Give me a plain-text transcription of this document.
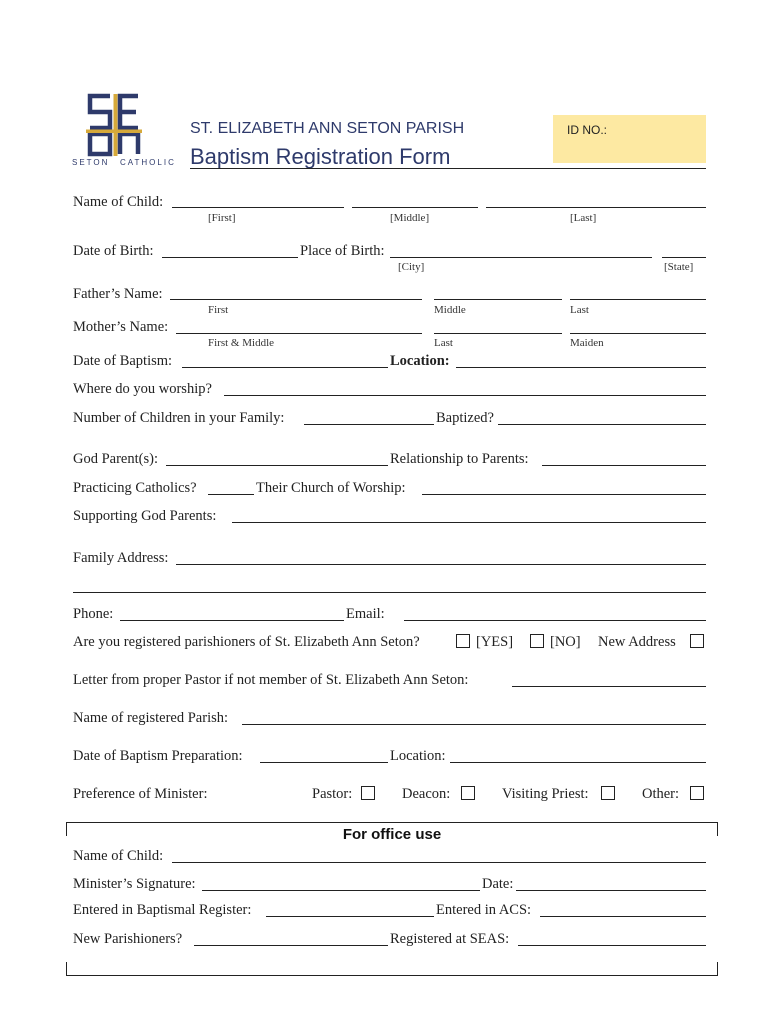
SETON CATHOLIC
ST. ELIZABETH ANN SETON PARISH
Baptism Registration Form
ID NO.:
Name of Child:
[First]	[Middle]	[Last]
Date of Birth:	Place of Birth:
[City]	[State]
Father’s Name:
First	Middle	Last
Mother’s Name:
First & Middle	Last	Maiden
Date of Baptism:	Location:
Where do you worship?
Number of Children in your Family:	Baptized?
God Parent(s):	Relationship to Parents:
Practicing Catholics?	Their Church of Worship:
Supporting God Parents:
Family Address:
Phone:	Email:
Are you registered parishioners of St. Elizabeth Ann Seton?	[YES]	[NO] New Address
Letter from proper Pastor if not member of St. Elizabeth Ann Seton:
Name of registered Parish:
Date of Baptism Preparation:	Location:
Preference of Minister:	Pastor:	Deacon:	Visiting Priest:	Other:
For office use
Name of Child:
Minister’s Signature:	Date:
Entered in Baptismal Register:	Entered in ACS:
New Parishioners?	Registered at SEAS:
